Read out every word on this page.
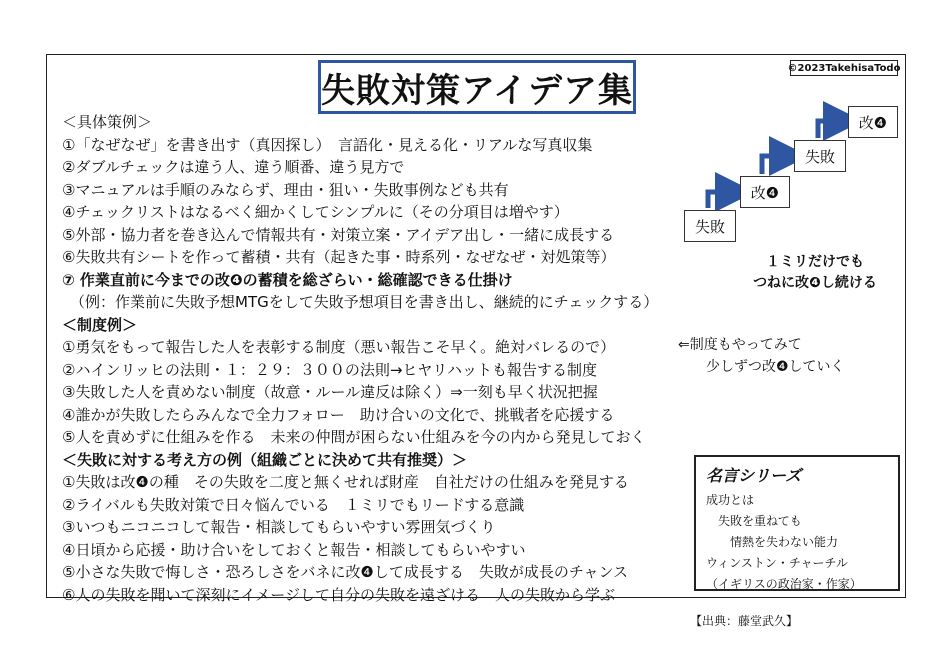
失敗対策アイデア集
©2023TakehisaTodo
＜具体策例＞
①「なぜなぜ」を書き出す（真因探し）　言語化・見える化・リアルな写真収集
②ダブルチェックは違う人、違う順番、違う見方で
③マニュアルは手順のみならず、理由・狙い・失敗事例なども共有
④チェックリストはなるべく細かくしてシンプルに（その分項目は増やす）
⑤外部・協力者を巻き込んで情報共有・対策立案・アイデア出し・一緒に成長する
⑥失敗共有シートを作って蓄積・共有（起きた事・時系列・なぜなぜ・対処策等）
⑦ 作業直前に今までの改❹の蓄積を総ざらい・総確認できる仕掛け
（例：作業前に失敗予想MTGをして失敗予想項目を書き出し、継続的にチェックする）
＜制度例＞
①勇気をもって報告した人を表彰する制度（悪い報告こそ早く。絶対バレるので）
②ハインリッヒの法則・１：２９：３００の法則→ヒヤリハットも報告する制度
③失敗した人を責めない制度（故意・ルール違反は除く）⇒一刻も早く状況把握
④誰かが失敗したらみんなで全力フォロー　助け合いの文化で、挑戦者を応援する
⑤人を責めずに仕組みを作る　未来の仲間が困らない仕組みを今の内から発見しておく
＜失敗に対する考え方の例（組織ごとに決めて共有推奨）＞
①失敗は改❹の種　その失敗を二度と無くせれば財産　自社だけの仕組みを発見する
②ライバルも失敗対策で日々悩んでいる　１ミリでもリードする意識
③いつもニコニコして報告・相談してもらいやすい雰囲気づくり
④日頃から応援・助け合いをしておくと報告・相談してもらいやすい
⑤小さな失敗で悔しさ・恐ろしさをバネに改❹して成長する　失敗が成長のチャンス
⑥人の失敗を聞いて深刻にイメージして自分の失敗を遠ざける　人の失敗から学ぶ
失敗
改❹
失敗
改❹
１ミリだけでも
つねに改❹し続ける
⇐制度もやってみて
少しずつ改❹していく
名言シリーズ
成功とは
　失敗を重ねても
　　情熱を失わない能力
ウィンストン・チャーチル
（イギリスの政治家・作家）
【出典：藤堂武久】
